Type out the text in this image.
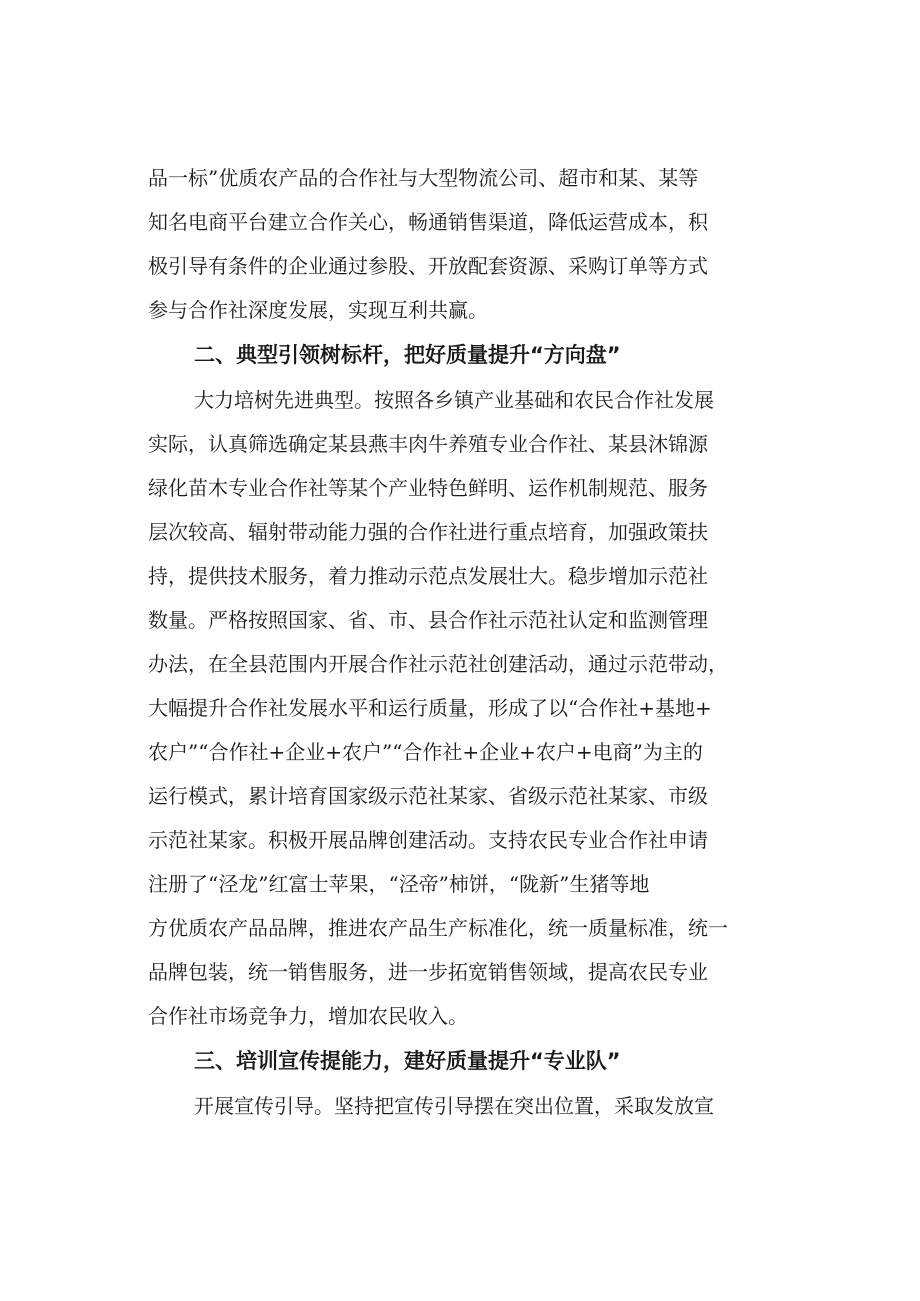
品一标”优质农产品的合作社与大型物流公司、超市和某、某等
知名电商平台建立合作关心，畅通销售渠道，降低运营成本，积
极引导有条件的企业通过参股、开放配套资源、采购订单等方式
参与合作社深度发展，实现互利共赢。
二、典型引领树标杆，把好质量提升“方向盘”
大力培树先进典型。按照各乡镇产业基础和农民合作社发展
实际，认真筛选确定某县燕丰肉牛养殖专业合作社、某县沐锦源
绿化苗木专业合作社等某个产业特色鲜明、运作机制规范、服务
层次较高、辐射带动能力强的合作社进行重点培育，加强政策扶
持，提供技术服务，着力推动示范点发展壮大。稳步增加示范社
数量。严格按照国家、省、市、县合作社示范社认定和监测管理
办法，在全县范围内开展合作社示范社创建活动，通过示范带动，
大幅提升合作社发展水平和运行质量，形成了以“合作社+基地+
农户”“合作社+企业+农户”“合作社+企业+农户+电商”为主的
运行模式，累计培育国家级示范社某家、省级示范社某家、市级
示范社某家。积极开展品牌创建活动。支持农民专业合作社申请
注册了“泾龙”红富士苹果，“泾帝”柿饼，“陇新”生猪等地
方优质农产品品牌，推进农产品生产标准化，统一质量标准，统一
品牌包装，统一销售服务，进一步拓宽销售领域，提高农民专业
合作社市场竞争力，增加农民收入。
三、培训宣传提能力，建好质量提升“专业队”
开展宣传引导。坚持把宣传引导摆在突出位置，采取发放宣
